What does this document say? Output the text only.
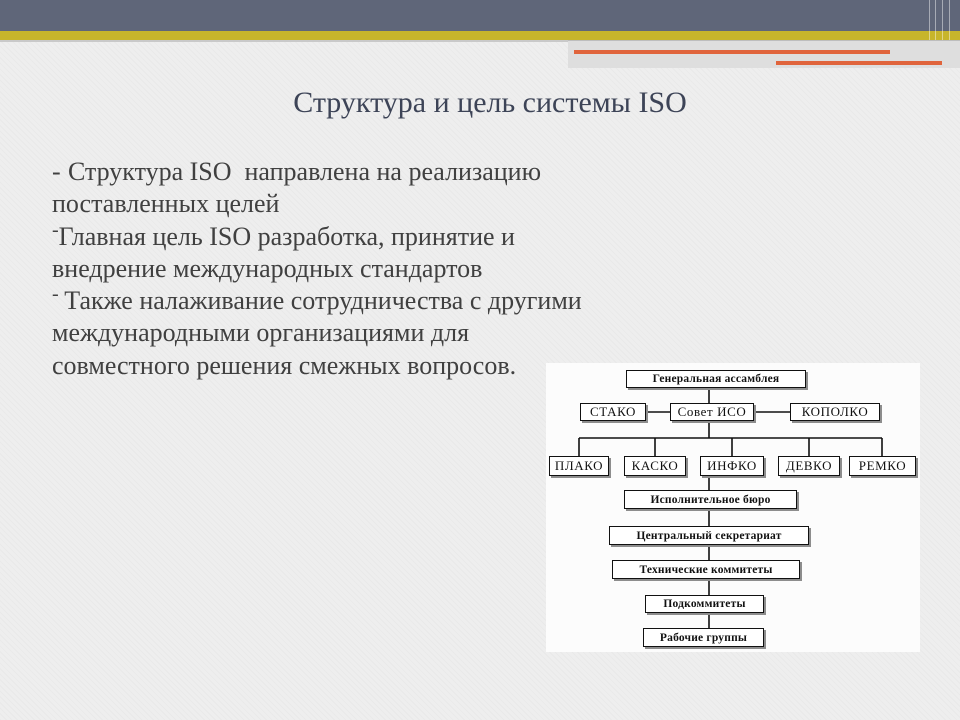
Структура и цель системы ISO
- Структура ISO  направлена на реализацию
поставленных целей
-Главная цель ISO разработка, принятие и
внедрение международных стандартов
- Также налаживание сотрудничества с другими
международными организациями для
совместного решения смежных вопросов.	Генеральная ассамблея
СТАКО	Совет ИСО	КОПОЛКО
ПЛАКО	КАСКО	ИНФКО	ДЕВКО	РЕМКО
Исполнительное бюро
Центральный секретариат
Технические коммитеты
Подкоммитеты
Рабочие группы
